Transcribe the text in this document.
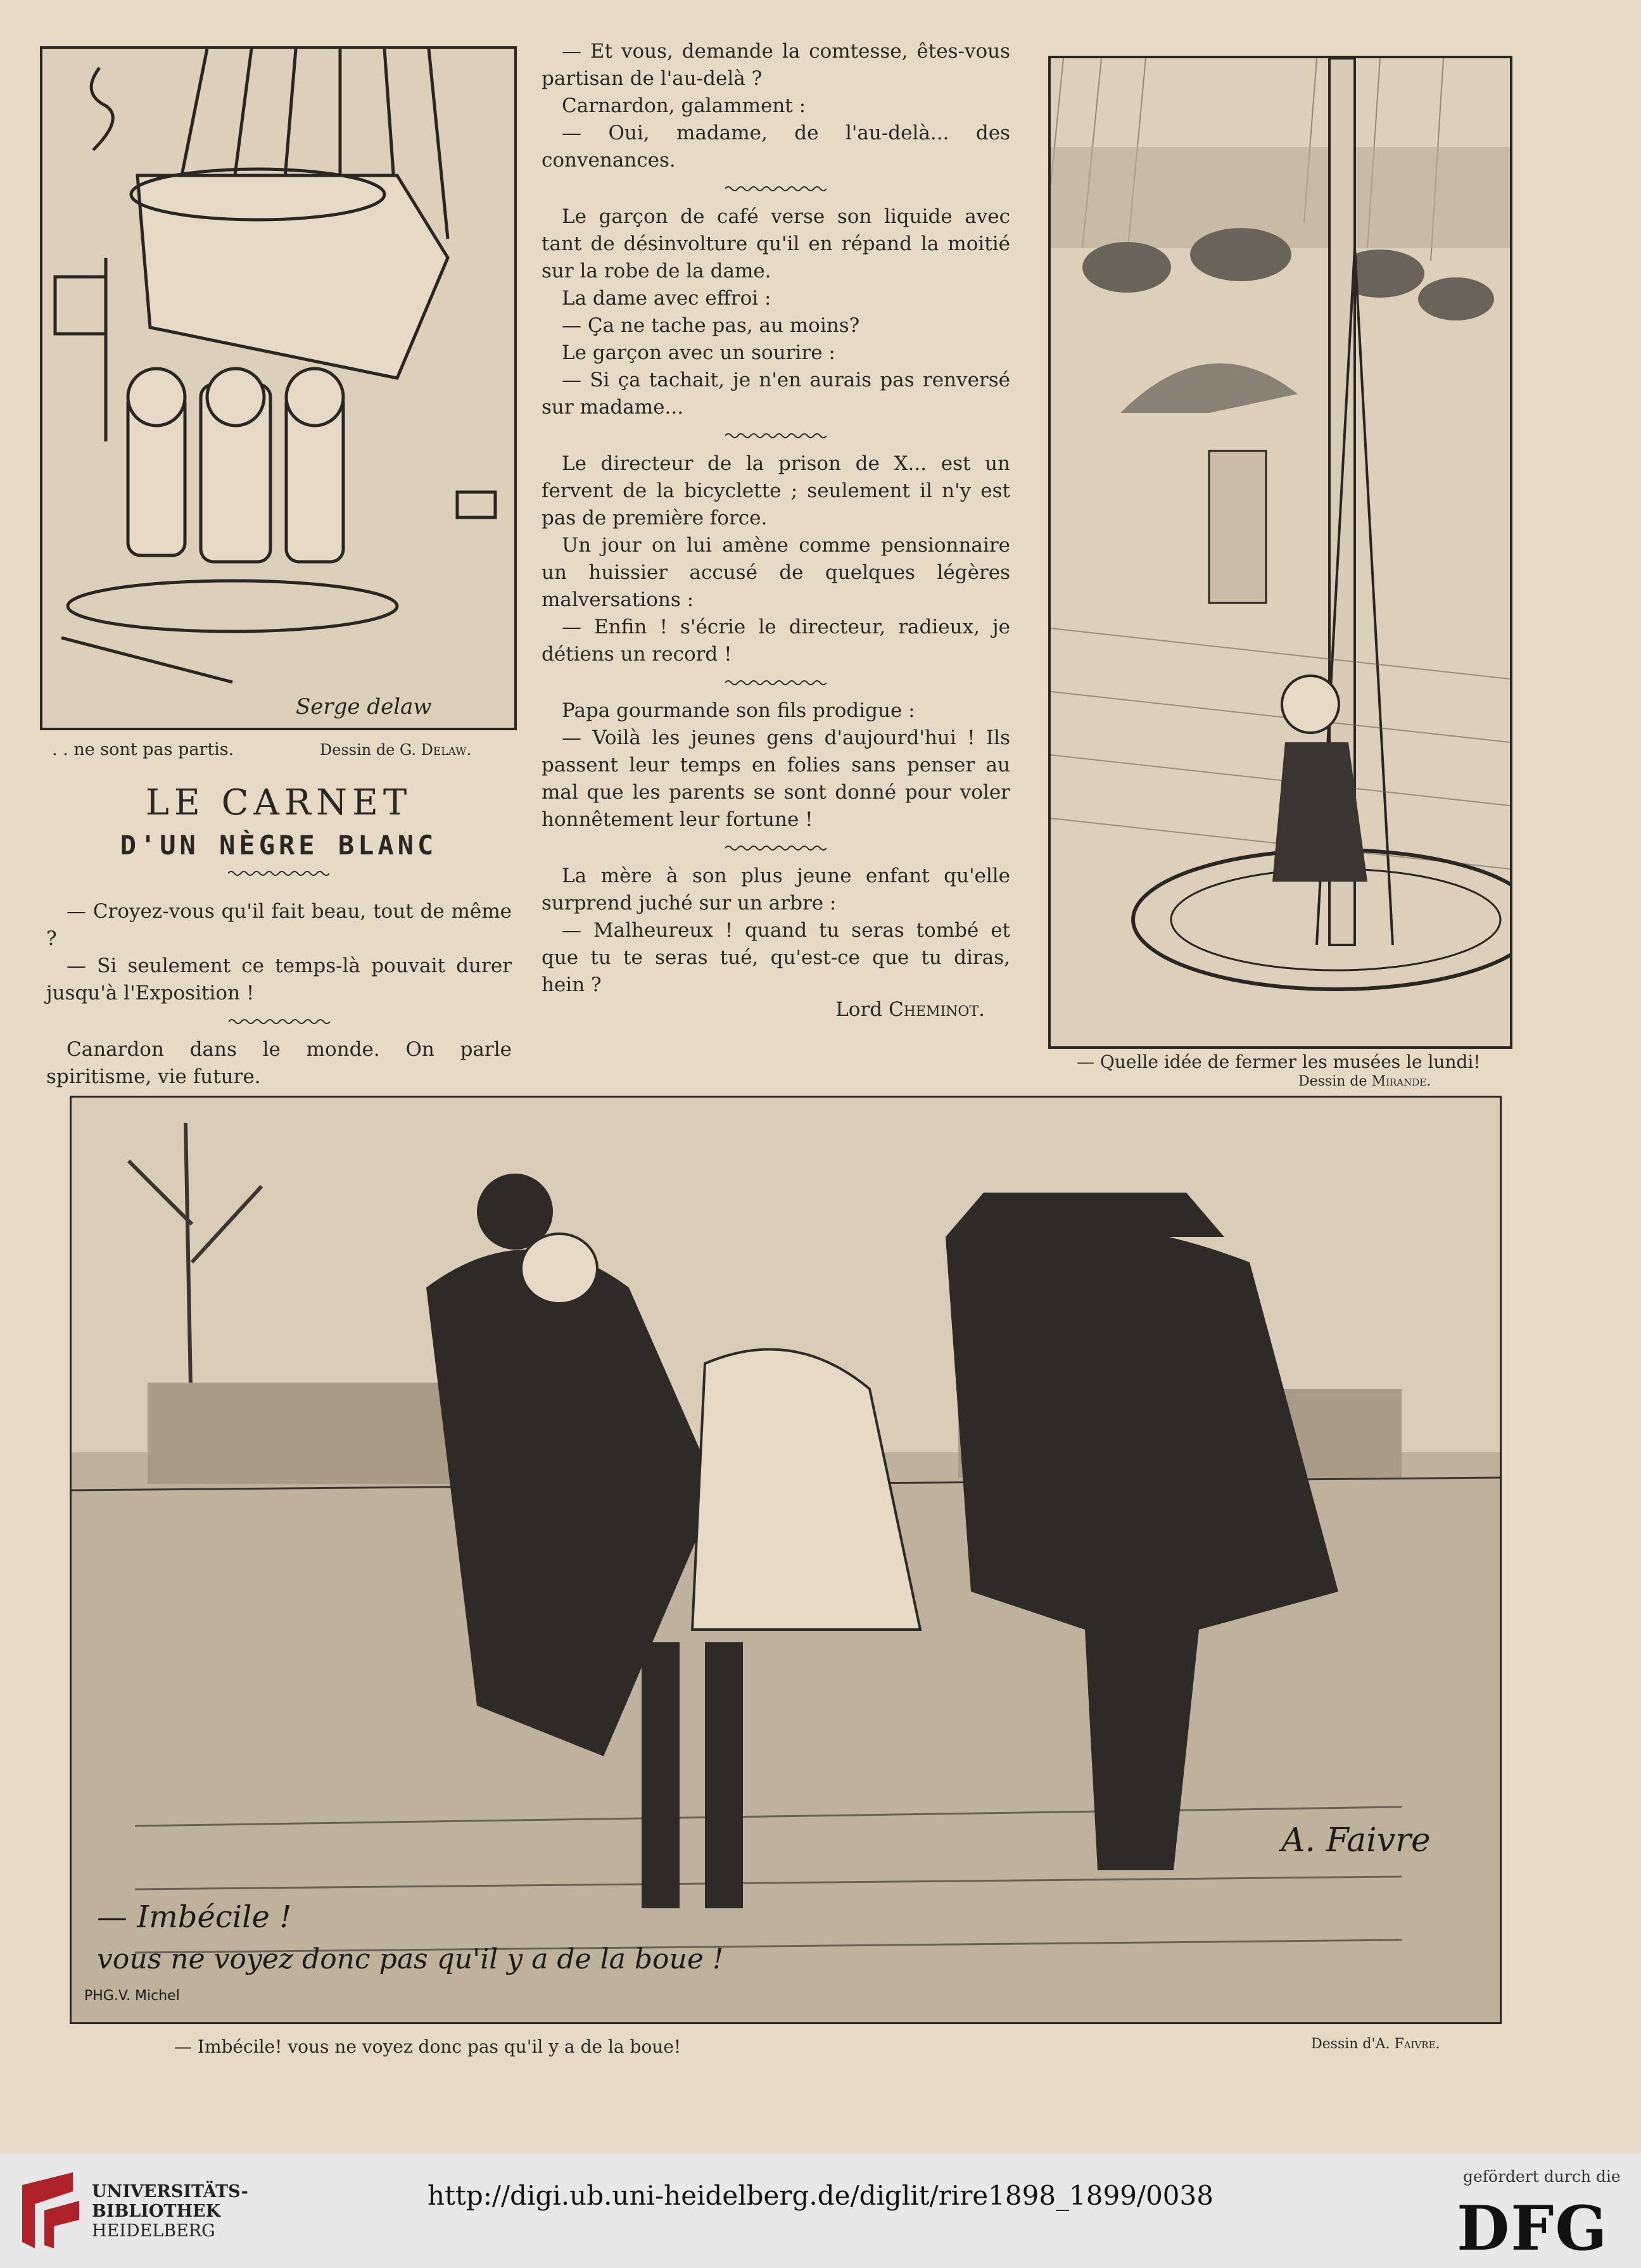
Serge delaw
. . ne sont pas partis.	Dessin de G. Delaw.
LE CARNET
D'UN NÈGRE BLANC

— Croyez-vous qu'il fait beau, tout de même ?

— Si seulement ce temps-là pouvait durer jusqu'à l'Exposition !

Canardon dans le monde. On parle spiritisme, vie future.

— Et vous, demande la comtesse, êtes-vous partisan de l'au-delà ?

Carnardon, galamment :

— Oui, madame, de l'au-delà... des convenances.

Le garçon de café verse son liquide avec tant de désinvolture qu'il en répand la moitié sur la robe de la dame.

La dame avec effroi :

— Ça ne tache pas, au moins?

Le garçon avec un sourire :

— Si ça tachait, je n'en aurais pas renversé sur madame...

Le directeur de la prison de X... est un fervent de la bicyclette ; seulement il n'y est pas de première force.

Un jour on lui amène comme pensionnaire un huissier accusé de quelques légères malversations :

— Enfin ! s'écrie le directeur, radieux, je détiens un record !

Papa gourmande son fils prodigue :

— Voilà les jeunes gens d'aujourd'hui ! Ils passent leur temps en folies sans penser au mal que les parents se sont donné pour voler honnêtement leur fortune !

La mère à son plus jeune enfant qu'elle surprend juché sur un arbre :

— Malheureux ! quand tu seras tombé et que tu te seras tué, qu'est-ce que tu diras, hein ?

Lord Cheminot.
— Quelle idée de fermer les musées le lundi!
Dessin de Mirande.
— Imbécile !
vous ne voyez donc pas qu'il y a de la boue !
PHG.V. Michel
A. Faivre
— Imbécile! vous ne voyez donc pas qu'il y a de la boue!	Dessin d'A. Faivre.
UNIVERSITÄTS-
BIBLIOTHEK
HEIDELBERG
http://digi.ub.uni-heidelberg.de/diglit/rire1898_1899/0038
gefördert durch die
DFG
